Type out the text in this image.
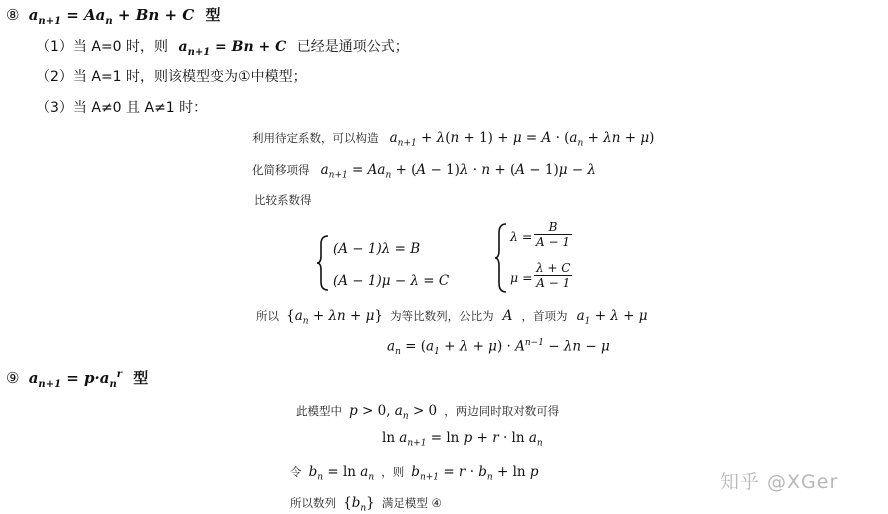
⑧ $a_{n+1} = Aa_n + Bn + C$ 型
（1）当 A=0 时，则 $a_{n+1} = Bn + C$ 已经是通项公式；
（2）当 A=1 时，则该模型变为①中模型；
（3）当 A≠0 且 A≠1 时：
利用待定系数，可以构造 $a_{n+1} + \lambda(n + 1) + \mu = A \cdot (a_n + \lambda n + \mu)$
化简移项得 $a_{n+1} = Aa_n + (A - 1)\lambda \cdot n + (A - 1)\mu - \lambda$
比较系数得
(A − 1)λ = B
(A − 1)μ − λ = C
$\lambda = \frac{B}{A - 1}$
$\mu = \frac{\lambda + C}{A - 1}$
所以 $\{a_n + \lambda n + \mu\}$ 为等比数列，公比为 A ，首项为 $a_1 + \lambda + \mu$
$a_n = (a_1 + \lambda + \mu) \cdot A^{n-1} - \lambda n - \mu$
⑨ $a_{n+1} = p\cdot a_n^r$ 型
此模型中 p > 0, $a_n > 0$ ，两边同时取对数可得
$\ln a_{n+1} = \ln p + r \cdot \ln a_n$
令 $b_n = \ln a_n$ ，则 $b_{n+1} = r \cdot b_n + \ln p$
所以数列 $\{b_n\}$ 满足模型 ④
知乎 @XGer
